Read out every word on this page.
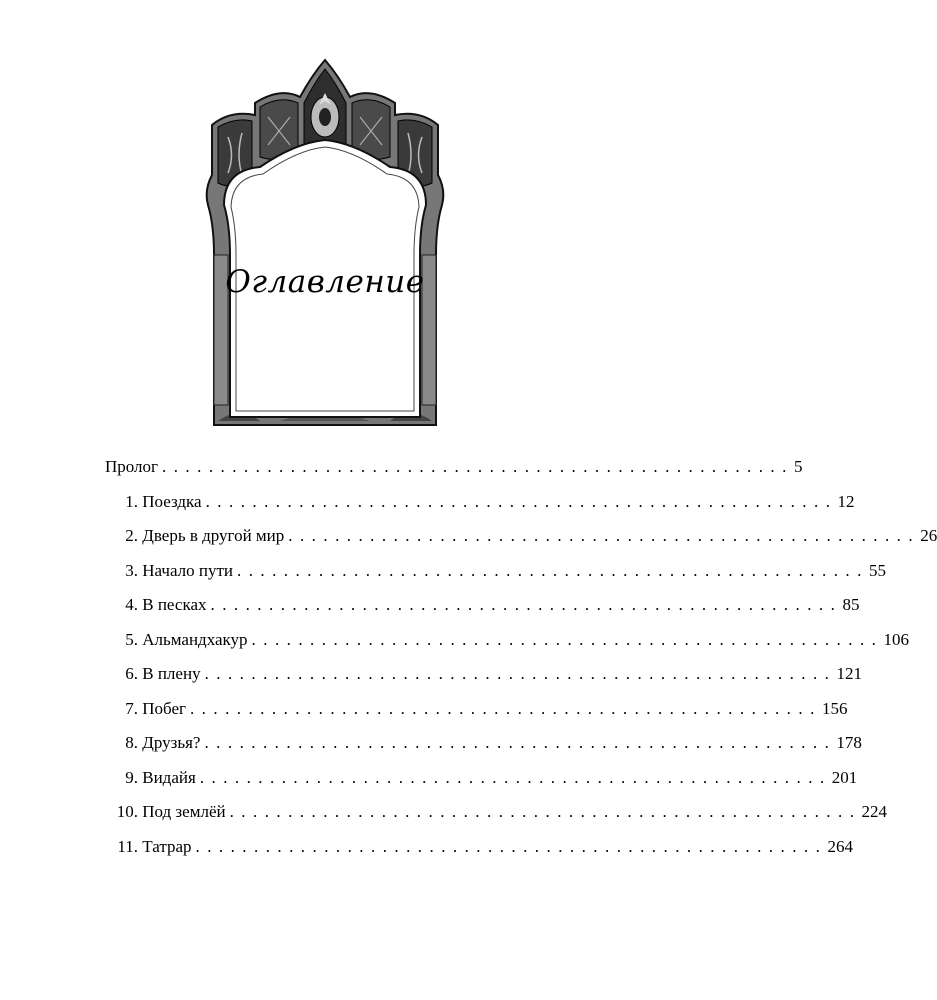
Оглавление
Пролог . . . . . . . . . . . . . . . . . . . . . . . . . . . . . . . . . . . . . . . . . . . . . . . . . . . . . . 5
1. Поездка . . . . . . . . . . . . . . . . . . . . . . . . . . . . . . . . . . . . . . . . . . . . . . . . . . . . . . 12
2. Дверь в другой мир . . . . . . . . . . . . . . . . . . . . . . . . . . . . . . . . . . . . . . . . . . . . . . . . . . . . . . 26
3. Начало пути . . . . . . . . . . . . . . . . . . . . . . . . . . . . . . . . . . . . . . . . . . . . . . . . . . . . . . 55
4. В песках . . . . . . . . . . . . . . . . . . . . . . . . . . . . . . . . . . . . . . . . . . . . . . . . . . . . . . 85
5. Альмандхакур . . . . . . . . . . . . . . . . . . . . . . . . . . . . . . . . . . . . . . . . . . . . . . . . . . . . . . 106
6. В плену . . . . . . . . . . . . . . . . . . . . . . . . . . . . . . . . . . . . . . . . . . . . . . . . . . . . . . 121
7. Побег . . . . . . . . . . . . . . . . . . . . . . . . . . . . . . . . . . . . . . . . . . . . . . . . . . . . . . 156
8. Друзья? . . . . . . . . . . . . . . . . . . . . . . . . . . . . . . . . . . . . . . . . . . . . . . . . . . . . . . 178
9. Видайя . . . . . . . . . . . . . . . . . . . . . . . . . . . . . . . . . . . . . . . . . . . . . . . . . . . . . . 201
10. Под землёй . . . . . . . . . . . . . . . . . . . . . . . . . . . . . . . . . . . . . . . . . . . . . . . . . . . . . . 224
11. Татрар . . . . . . . . . . . . . . . . . . . . . . . . . . . . . . . . . . . . . . . . . . . . . . . . . . . . . . 264
